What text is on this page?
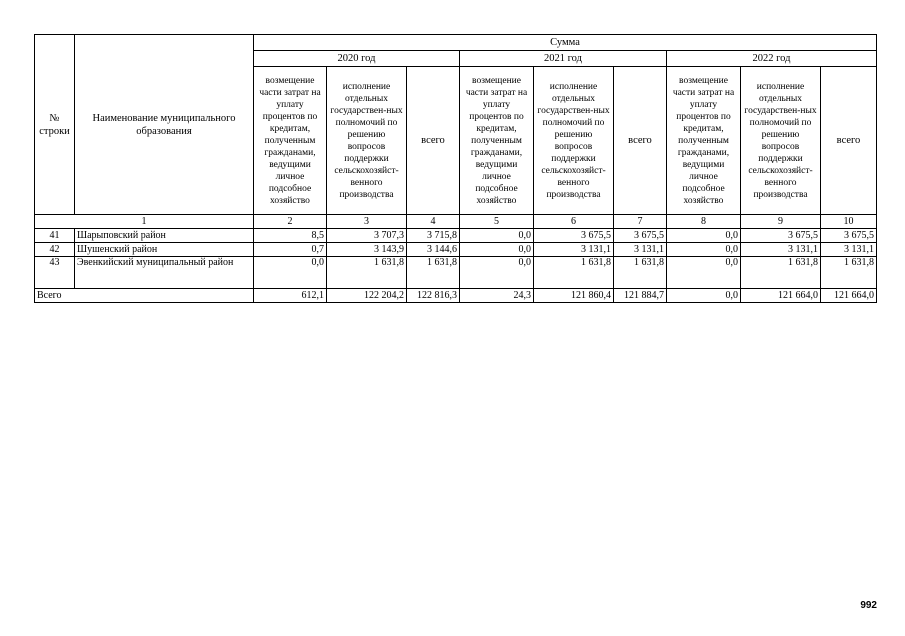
№ строки	Наименование муниципального образования	Сумма								
		2020 год			2021 год			2022 год		
		возмещение части затрат на уплату процентов по кредитам, полученным гражданами, ведущими личное подсобное хозяйство	исполнение отдельных государствен-ных полномочий по решению вопросов поддержки сельскохозяйст-венного производства	всего	возмещение части затрат на уплату процентов по кредитам, полученным гражданами, ведущими личное подсобное хозяйство	исполнение отдельных государствен-ных полномочий по решению вопросов поддержки сельскохозяйст-венного производства	всего	возмещение части затрат на уплату процентов по кредитам, полученным гражданами, ведущими личное подсобное хозяйство	исполнение отдельных государствен-ных полномочий по решению вопросов поддержки сельскохозяйст-венного производства	всего
1		2	3	4	5	6	7	8	9	10
41	Шарыповский район	8,5	3 707,3	3 715,8	0,0	3 675,5	3 675,5	0,0	3 675,5	3 675,5
42	Шушенский район	0,7	3 143,9	3 144,6	0,0	3 131,1	3 131,1	0,0	3 131,1	3 131,1
43	Эвенкийский муниципальный район	0,0	1 631,8	1 631,8	0,0	1 631,8	1 631,8	0,0	1 631,8	1 631,8
Всего		612,1	122 204,2	122 816,3	24,3	121 860,4	121 884,7	0,0	121 664,0	121 664,0
992
